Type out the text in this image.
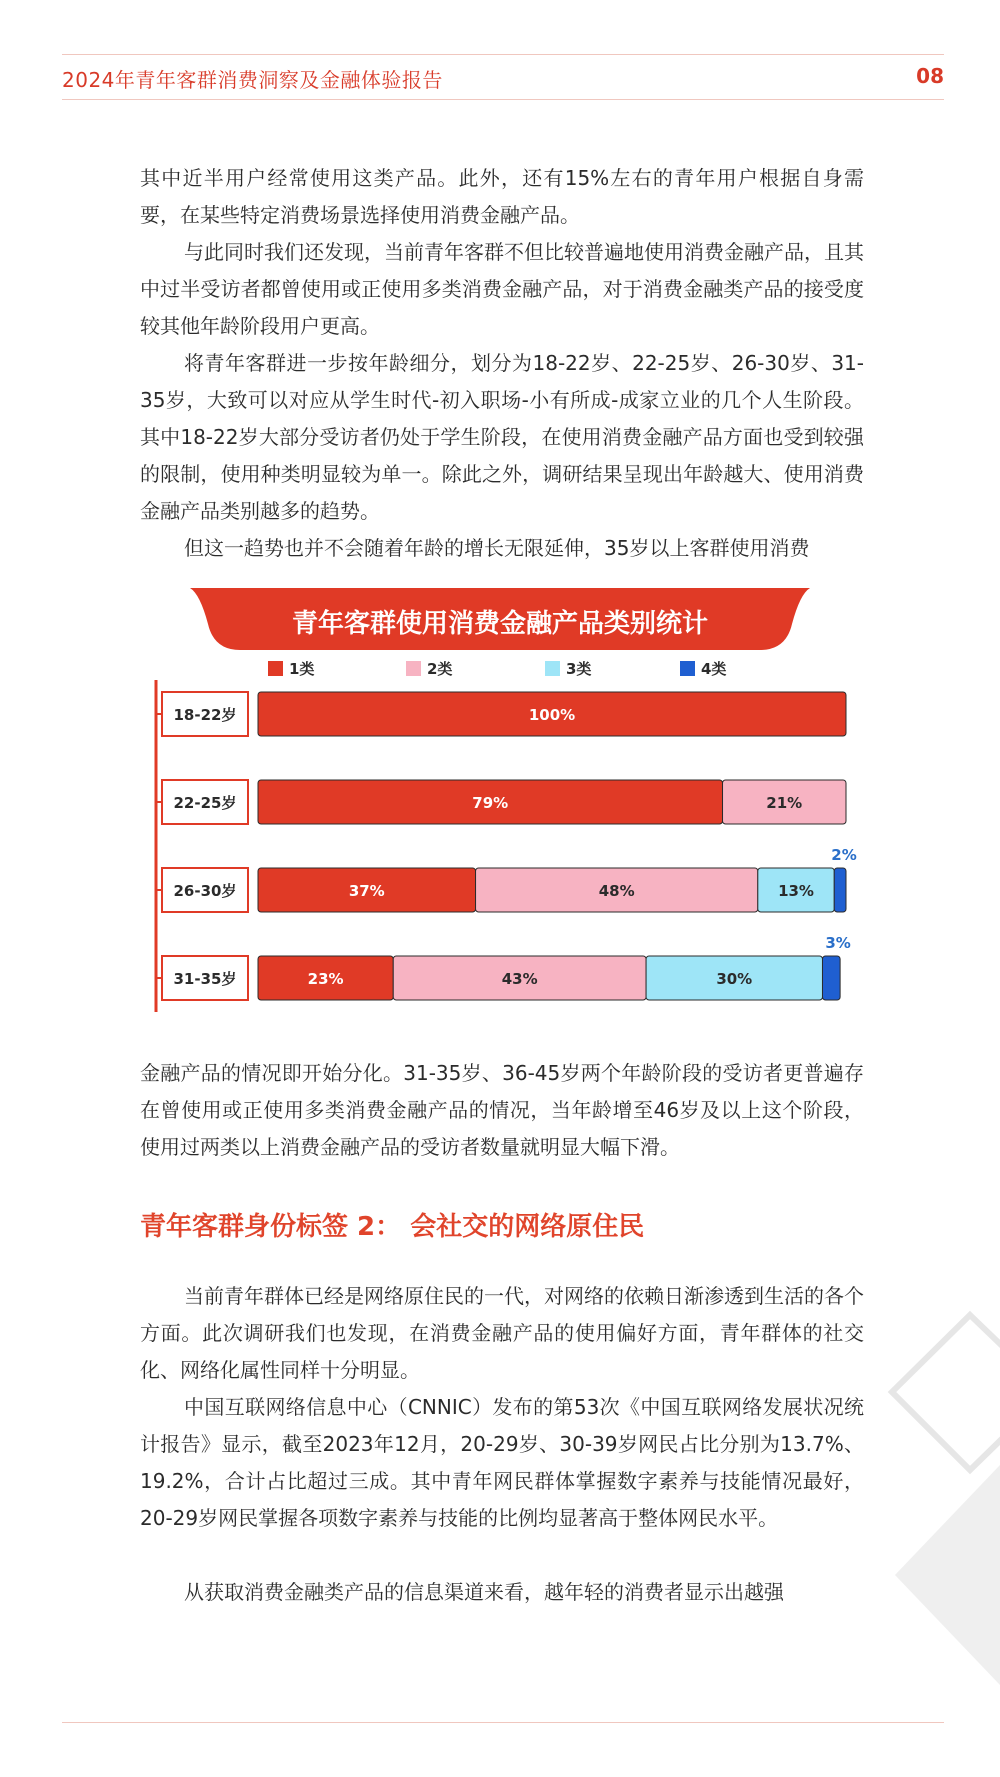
2024年青年客群消费洞察及金融体验报告	08

其中近半用户经常使用这类产品。此外，还有15%左右的青年用户根据自身需要，在某些特定消费场景选择使用消费金融产品。

与此同时我们还发现，当前青年客群不但比较普遍地使用消费金融产品，且其中过半受访者都曾使用或正使用多类消费金融产品，对于消费金融类产品的接受度较其他年龄阶段用户更高。

将青年客群进一步按年龄细分，划分为18-22岁、22-25岁、26-30岁、31-35岁，大致可以对应从学生时代-初入职场-小有所成-成家立业的几个人生阶段。其中18-22岁大部分受访者仍处于学生阶段，在使用消费金融产品方面也受到较强的限制，使用种类明显较为单一。除此之外，调研结果呈现出年龄越大、使用消费金融产品类别越多的趋势。

但这一趋势也并不会随着年龄的增长无限延伸，35岁以上客群使用消费

青年客群使用消费金融产品类别统计
1类	2类	3类	4类
18-22岁	100%
22-25岁	79%	21%
26-30岁	37%	48%	13%
2%
31-35岁	23%	43%	30%
3%

金融产品的情况即开始分化。31-35岁、36-45岁两个年龄阶段的受访者更普遍存在曾使用或正使用多类消费金融产品的情况，当年龄增至46岁及以上这个阶段，使用过两类以上消费金融产品的受访者数量就明显大幅下滑。

青年客群身份标签 2： 会社交的网络原住民

当前青年群体已经是网络原住民的一代，对网络的依赖日渐渗透到生活的各个方面。此次调研我们也发现，在消费金融产品的使用偏好方面，青年群体的社交化、网络化属性同样十分明显。

中国互联网络信息中心（CNNIC）发布的第53次《中国互联网络发展状况统计报告》显示，截至2023年12月，20-29岁、30-39岁网民占比分别为13.7%、19.2%，合计占比超过三成。其中青年网民群体掌握数字素养与技能情况最好，20-29岁网民掌握各项数字素养与技能的比例均显著高于整体网民水平。

从获取消费金融类产品的信息渠道来看，越年轻的消费者显示出越强
